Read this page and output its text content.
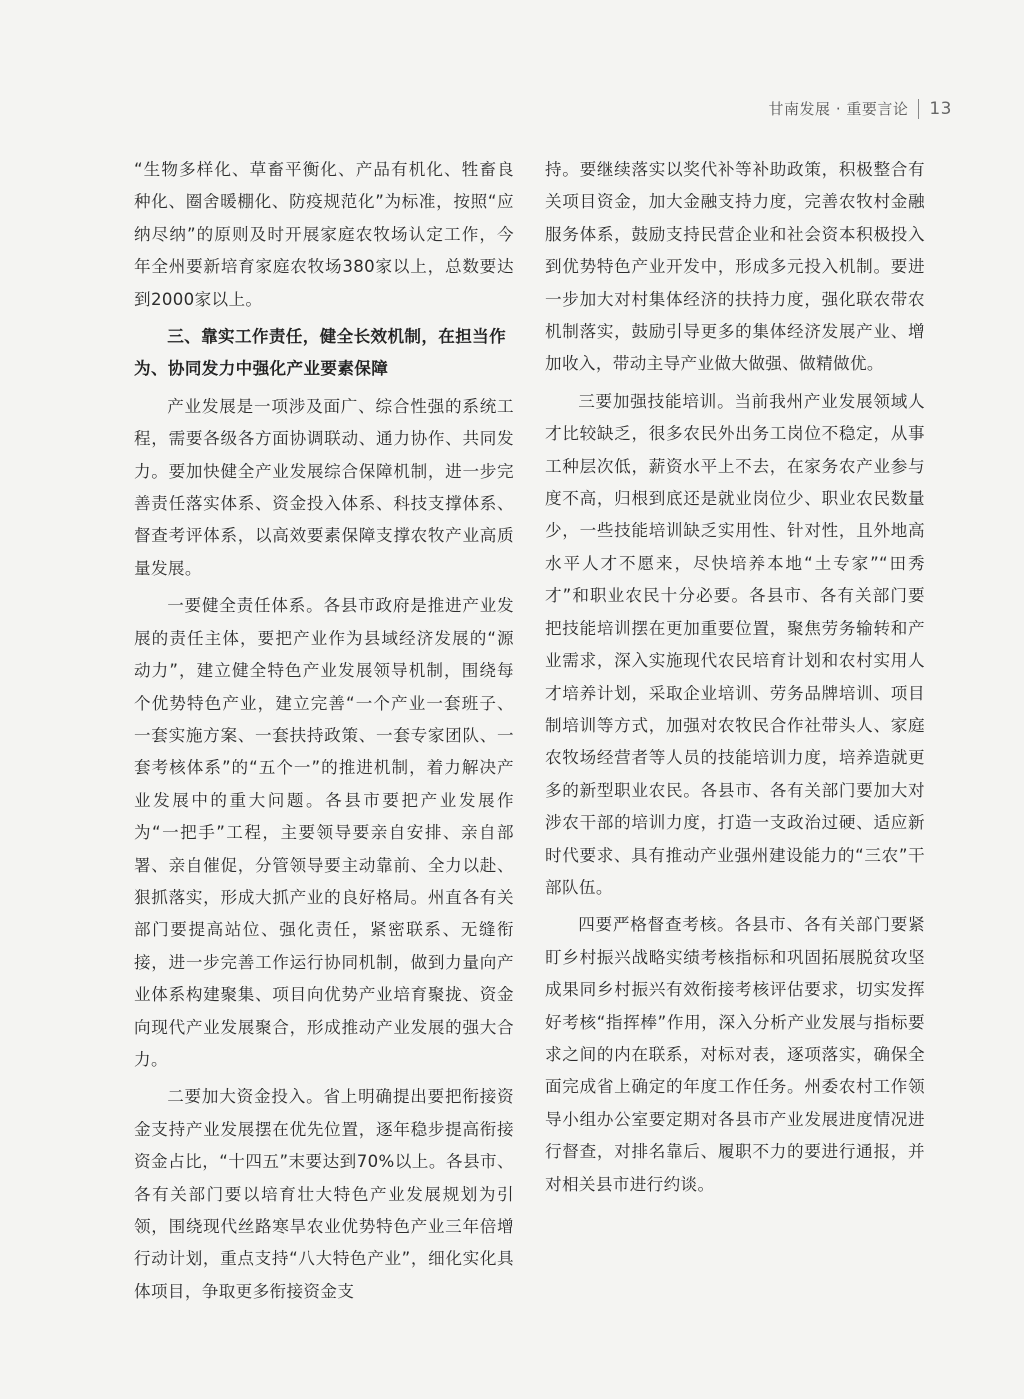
甘南发展 · 重要言论 13

“生物多样化、草畜平衡化、产品有机化、牲畜良种化、圈舍暖棚化、防疫规范化”为标准，按照“应纳尽纳”的原则及时开展家庭农牧场认定工作，今年全州要新培育家庭农牧场380家以上，总数要达到2000家以上。

三、靠实工作责任，健全长效机制，在担当作为、协同发力中强化产业要素保障

产业发展是一项涉及面广、综合性强的系统工程，需要各级各方面协调联动、通力协作、共同发力。要加快健全产业发展综合保障机制，进一步完善责任落实体系、资金投入体系、科技支撑体系、督查考评体系，以高效要素保障支撑农牧产业高质量发展。

一要健全责任体系。各县市政府是推进产业发展的责任主体，要把产业作为县域经济发展的“源动力”，建立健全特色产业发展领导机制，围绕每个优势特色产业，建立完善“一个产业一套班子、一套实施方案、一套扶持政策、一套专家团队、一套考核体系”的“五个一”的推进机制，着力解决产业发展中的重大问题。各县市要把产业发展作为“一把手”工程，主要领导要亲自安排、亲自部署、亲自催促，分管领导要主动靠前、全力以赴、狠抓落实，形成大抓产业的良好格局。州直各有关部门要提高站位、强化责任，紧密联系、无缝衔接，进一步完善工作运行协同机制，做到力量向产业体系构建聚集、项目向优势产业培育聚拢、资金向现代产业发展聚合，形成推动产业发展的强大合力。

二要加大资金投入。省上明确提出要把衔接资金支持产业发展摆在优先位置，逐年稳步提高衔接资金占比，“十四五”末要达到70%以上。各县市、各有关部门要以培育壮大特色产业发展规划为引领，围绕现代丝路寒旱农业优势特色产业三年倍增行动计划，重点支持“八大特色产业”，细化实化具体项目，争取更多衔接资金支

持。要继续落实以奖代补等补助政策，积极整合有关项目资金，加大金融支持力度，完善农牧村金融服务体系，鼓励支持民营企业和社会资本积极投入到优势特色产业开发中，形成多元投入机制。要进一步加大对村集体经济的扶持力度，强化联农带农机制落实，鼓励引导更多的集体经济发展产业、增加收入，带动主导产业做大做强、做精做优。

三要加强技能培训。当前我州产业发展领域人才比较缺乏，很多农民外出务工岗位不稳定，从事工种层次低，薪资水平上不去，在家务农产业参与度不高，归根到底还是就业岗位少、职业农民数量少，一些技能培训缺乏实用性、针对性，且外地高水平人才不愿来，尽快培养本地“土专家”“田秀才”和职业农民十分必要。各县市、各有关部门要把技能培训摆在更加重要位置，聚焦劳务输转和产业需求，深入实施现代农民培育计划和农村实用人才培养计划，采取企业培训、劳务品牌培训、项目制培训等方式，加强对农牧民合作社带头人、家庭农牧场经营者等人员的技能培训力度，培养造就更多的新型职业农民。各县市、各有关部门要加大对涉农干部的培训力度，打造一支政治过硬、适应新时代要求、具有推动产业强州建设能力的“三农”干部队伍。

四要严格督查考核。各县市、各有关部门要紧盯乡村振兴战略实绩考核指标和巩固拓展脱贫攻坚成果同乡村振兴有效衔接考核评估要求，切实发挥好考核“指挥棒”作用，深入分析产业发展与指标要求之间的内在联系，对标对表，逐项落实，确保全面完成省上确定的年度工作任务。州委农村工作领导小组办公室要定期对各县市产业发展进度情况进行督查，对排名靠后、履职不力的要进行通报，并对相关县市进行约谈。
